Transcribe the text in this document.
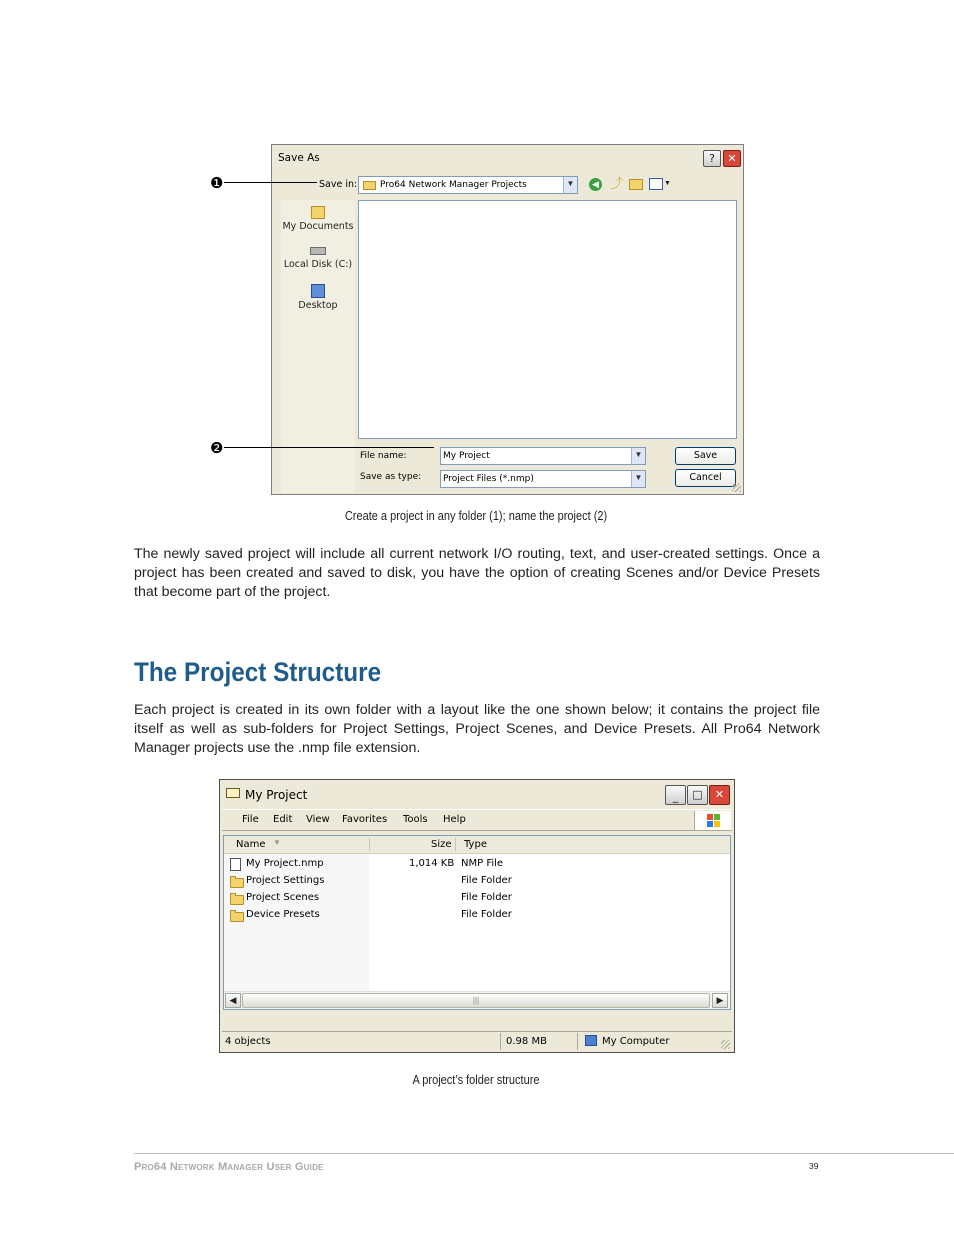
Save As	?	✕
Save in:	Pro64 Network Manager Projects	▼	◀ ⤴	▼
My Documents
Local Disk (C:)
Desktop
File name:	My Project	▼	Save
Save as type: Project Files (*.nmp)	▼	Cancel
❶
❷
Create a project in any folder (1); name the project (2)
The newly saved project will include all current network I/O routing, text, and user-created settings. Once a project has been created and saved to disk, you have the option of creating Scenes and/or Device Presets that become part of the project.
The Project Structure
Each project is created in its own folder with a layout like the one shown below; it contains the project file itself as well as sub-folders for Project Settings, Project Scenes, and Device Presets. All Pro64 Network Manager projects use the .nmp file extension.
My Project	_	□	✕
File Edit View Favorites Tools Help
Name ▼	Size Type
My Project.nmp	1,014 KB NMP File
Project Settings	File Folder
Project Scenes	File Folder
Device Presets	File Folder
◀	|||	▶
4 objects	0.98 MB	My Computer
A project’s folder structure
Pro64 Network Manager User Guide	39
